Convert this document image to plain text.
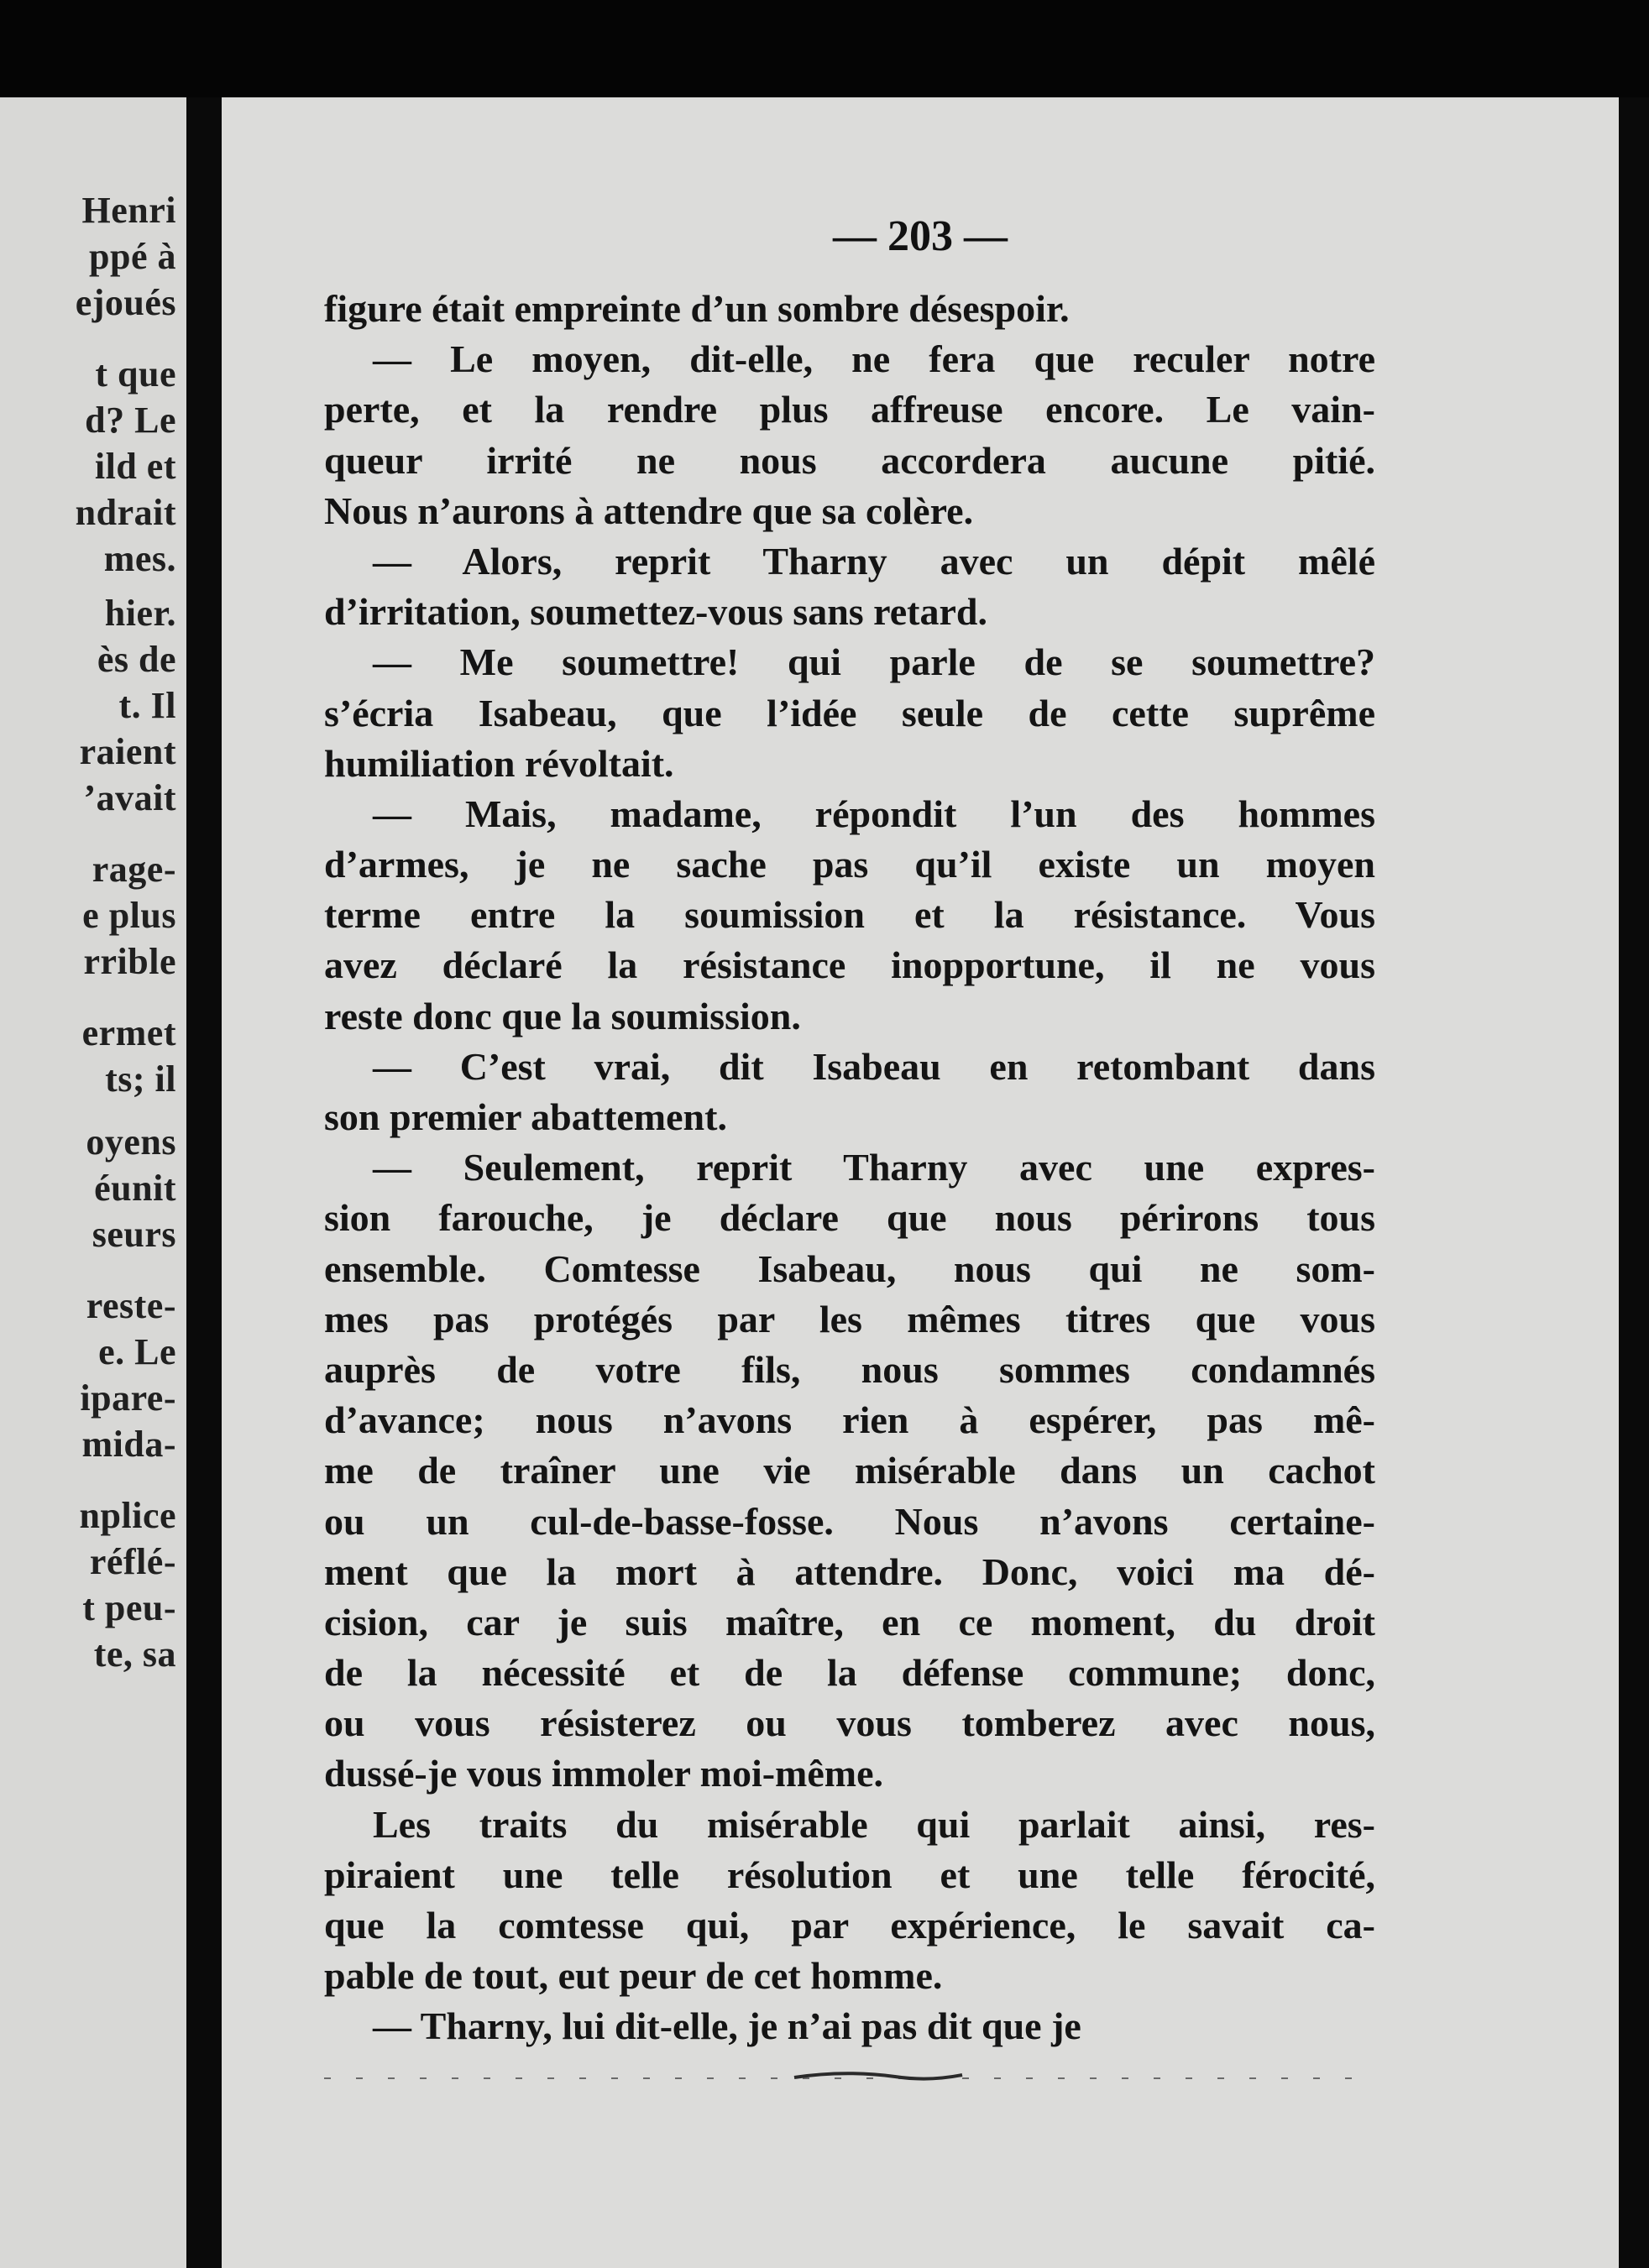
Henri
ppé à
ejoués
t que
d? Le
ild et
ndrait
mes.
hier.
ès de
t. Il
raient
’avait
rage-
e plus
rrible
ermet
ts; il
oyens
éunit
seurs
reste-
e. Le
ipare-
mida-
nplice
réflé-
t peu-
te, sa
— 203 —
figure était empreinte d’un sombre désespoir.
— Le moyen, dit-elle, ne fera que reculer notre
perte, et la rendre plus affreuse encore. Le vain-
queur irrité ne nous accordera aucune pitié.
Nous n’aurons à attendre que sa colère.
— Alors, reprit Tharny avec un dépit mêlé
d’irritation, soumettez-vous sans retard.
— Me soumettre! qui parle de se soumettre?
s’écria Isabeau, que l’idée seule de cette suprême
humiliation révoltait.
— Mais, madame, répondit l’un des hommes
d’armes, je ne sache pas qu’il existe un moyen
terme entre la soumission et la résistance. Vous
avez déclaré la résistance inopportune, il ne vous
reste donc que la soumission.
— C’est vrai, dit Isabeau en retombant dans
son premier abattement.
— Seulement, reprit Tharny avec une expres-
sion farouche, je déclare que nous périrons tous
ensemble. Comtesse Isabeau, nous qui ne som-
mes pas protégés par les mêmes titres que vous
auprès de votre fils, nous sommes condamnés
d’avance; nous n’avons rien à espérer, pas mê-
me de traîner une vie misérable dans un cachot
ou un cul-de-basse-fosse. Nous n’avons certaine-
ment que la mort à attendre. Donc, voici ma dé-
cision, car je suis maître, en ce moment, du droit
de la nécessité et de la défense commune; donc,
ou vous résisterez ou vous tomberez avec nous,
dussé-je vous immoler moi-même.
Les traits du misérable qui parlait ainsi, res-
piraient une telle résolution et une telle férocité,
que la comtesse qui, par expérience, le savait ca-
pable de tout, eut peur de cet homme.
— Tharny, lui dit-elle, je n’ai pas dit que je
